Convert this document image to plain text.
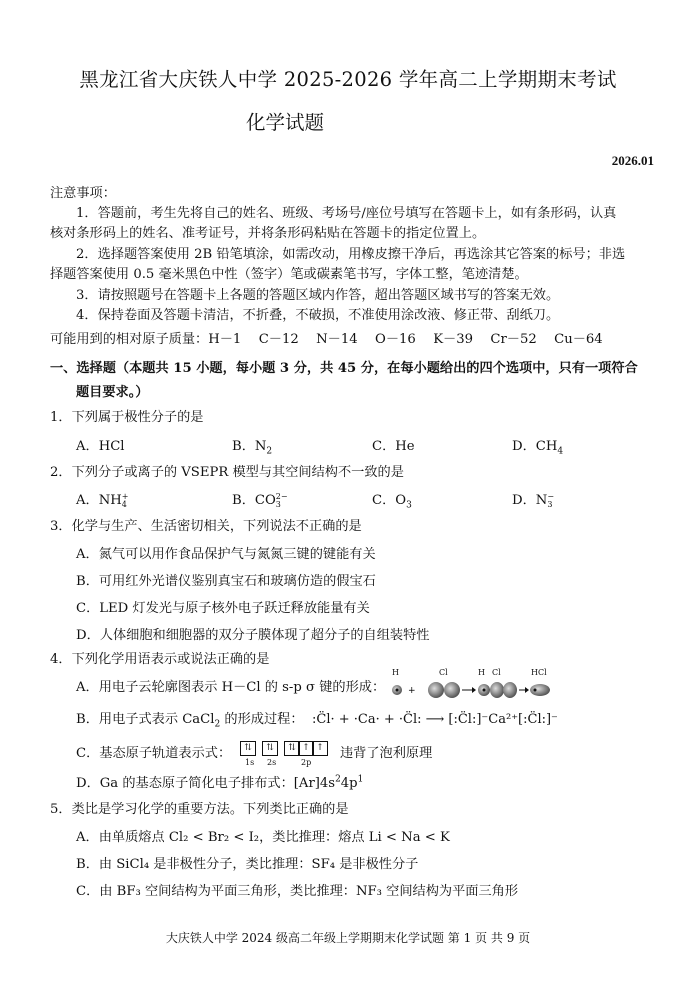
黑龙江省大庆铁人中学 2025-2026 学年高二上学期期末考试
化学试题
2026.01
注意事项：
1．答题前，考生先将自己的姓名、班级、考场号/座位号填写在答题卡上，如有条形码，认真
核对条形码上的姓名、准考证号，并将条形码粘贴在答题卡的指定位置上。
2．选择题答案使用 2B 铅笔填涂，如需改动，用橡皮擦干净后，再选涂其它答案的标号；非选
择题答案使用 0.5 毫米黑色中性（签字）笔或碳素笔书写，字体工整，笔迹清楚。
3．请按照题号在答题卡上各题的答题区域内作答，超出答题区域书写的答案无效。
4．保持卷面及答题卡清洁，不折叠，不破损，不准使用涂改液、修正带、刮纸刀。
可能用到的相对原子质量：H－1　 C－12　 N－14　 O－16　 K－39　 Cr－52　 Cu－64
一、选择题（本题共 15 小题，每小题 3 分，共 45 分，在每小题给出的四个选项中，只有一项符合
题目要求。）
1．下列属于极性分子的是
A．HCl	B．$N_2$	C．He	D．$CH_4$
2．下列分子或离子的 VSEPR 模型与其空间结构不一致的是
A．NH +
4	B．CO 2−
3	C．$O_3$	D．N −
3
3．化学与生产、生活密切相关，下列说法不正确的是
A．氮气可以用作食品保护气与氮氮三键的键能有关
B．可用红外光谱仪鉴别真宝石和玻璃仿造的假宝石
C．LED 灯发光与原子核外电子跃迁释放能量有关
D．人体细胞和细胞器的双分子膜体现了超分子的自组装特性
4．下列化学用语表示或说法正确的是
A．用电子云轮廓图表示 H－Cl 的 s-p σ 键的形成：
H	Cl	H Cl	HCl
+
B．用电子式表示 CaCl$_2$ 的形成过程： :C̈l· + ·Ca· + ·C̈l: ⟶ [:C̈l:]⁻Ca²⁺[:C̈l:]⁻
C．基态原子轨道表示式：	⇅	⇅	⇅ ↑ ↑
1s 2s	2p
违背了泡利原理
D．Ga 的基态原子简化电子排布式：$[Ar]4s^24p^1$
5．类比是学习化学的重要方法。下列类比正确的是
A．由单质熔点 Cl₂ < Br₂ < I₂，类比推理：熔点 Li < Na < K
B．由 SiCl₄ 是非极性分子，类比推理：SF₄ 是非极性分子
C．由 BF₃ 空间结构为平面三角形，类比推理：NF₃ 空间结构为平面三角形
大庆铁人中学 2024 级高二年级上学期期末化学试题 第 1 页 共 9 页
